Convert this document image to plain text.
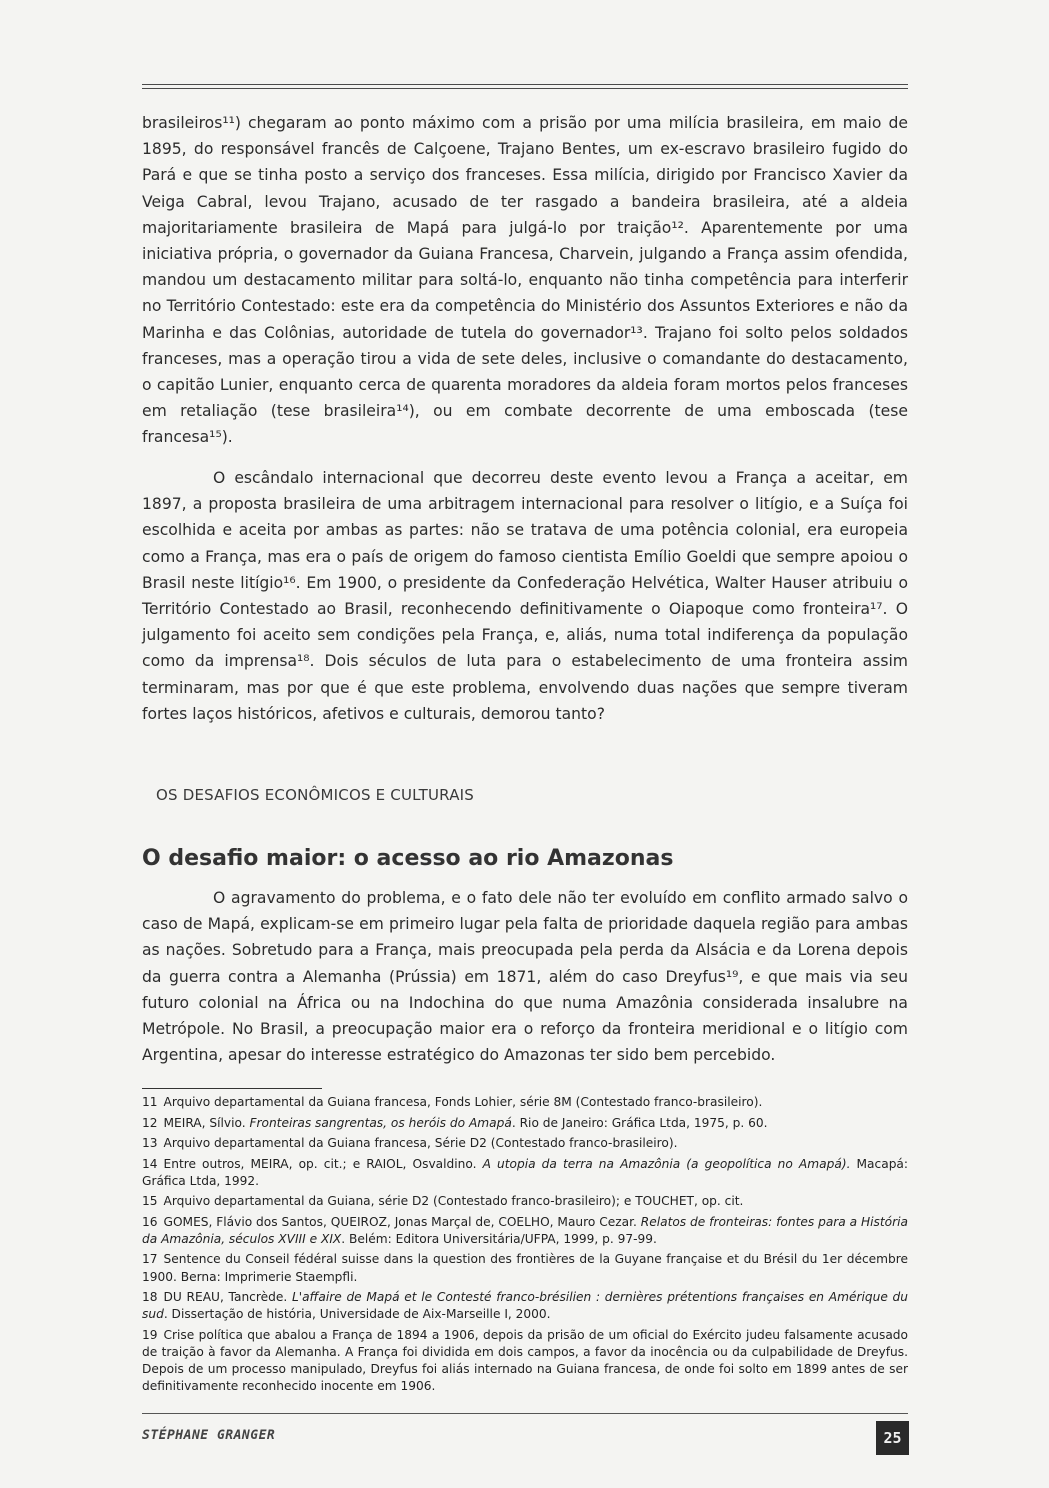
brasileiros¹¹) chegaram ao ponto máximo com a prisão por uma milícia brasileira, em maio de 1895, do responsável francês de Calçoene, Trajano Bentes, um ex-escravo brasileiro fugido do Pará e que se tinha posto a serviço dos franceses. Essa milícia, dirigido por Francisco Xavier da Veiga Cabral, levou Trajano, acusado de ter rasgado a bandeira brasileira, até a aldeia majoritariamente brasileira de Mapá para julgá-lo por traição¹². Aparentemente por uma iniciativa própria, o governador da Guiana Francesa, Charvein, julgando a França assim ofendida, mandou um destacamento militar para soltá-lo, enquanto não tinha competência para interferir no Território Contestado: este era da competência do Ministério dos Assuntos Exteriores e não da Marinha e das Colônias, autoridade de tutela do governador¹³. Trajano foi solto pelos soldados franceses, mas a operação tirou a vida de sete deles, inclusive o comandante do destacamento, o capitão Lunier, enquanto cerca de quarenta moradores da aldeia foram mortos pelos franceses em retaliação (tese brasileira¹⁴), ou em combate decorrente de uma emboscada (tese francesa¹⁵).

O escândalo internacional que decorreu deste evento levou a França a aceitar, em 1897, a proposta brasileira de uma arbitragem internacional para resolver o litígio, e a Suíça foi escolhida e aceita por ambas as partes: não se tratava de uma potência colonial, era europeia como a França, mas era o país de origem do famoso cientista Emílio Goeldi que sempre apoiou o Brasil neste litígio¹⁶. Em 1900, o presidente da Confederação Helvética, Walter Hauser atribuiu o Território Contestado ao Brasil, reconhecendo definitivamente o Oiapoque como fronteira¹⁷. O julgamento foi aceito sem condições pela França, e, aliás, numa total indiferença da população como da imprensa¹⁸. Dois séculos de luta para o estabelecimento de uma fronteira assim terminaram, mas por que é que este problema, envolvendo duas nações que sempre tiveram fortes laços históricos, afetivos e culturais, demorou tanto?

OS DESAFIOS ECONÔMICOS E CULTURAIS
O desafio maior: o acesso ao rio Amazonas

O agravamento do problema, e o fato dele não ter evoluído em conflito armado salvo o caso de Mapá, explicam-se em primeiro lugar pela falta de prioridade daquela região para ambas as nações. Sobretudo para a França, mais preocupada pela perda da Alsácia e da Lorena depois da guerra contra a Alemanha (Prússia) em 1871, além do caso Dreyfus¹⁹, e que mais via seu futuro colonial na África ou na Indochina do que numa Amazônia considerada insalubre na Metrópole. No Brasil, a preocupação maior era o reforço da fronteira meridional e o litígio com Argentina, apesar do interesse estratégico do Amazonas ter sido bem percebido.

11 Arquivo departamental da Guiana francesa, Fonds Lohier, série 8M (Contestado franco-brasileiro).

12 MEIRA, Sílvio. Fronteiras sangrentas, os heróis do Amapá. Rio de Janeiro: Gráfica Ltda, 1975, p. 60.

13 Arquivo departamental da Guiana francesa, Série D2 (Contestado franco-brasileiro).

14 Entre outros, MEIRA, op. cit.; e RAIOL, Osvaldino. A utopia da terra na Amazônia (a geopolítica no Amapá). Macapá: Gráfica Ltda, 1992.

15 Arquivo departamental da Guiana, série D2 (Contestado franco-brasileiro); e TOUCHET, op. cit.

16 GOMES, Flávio dos Santos, QUEIROZ, Jonas Marçal de, COELHO, Mauro Cezar. Relatos de fronteiras: fontes para a História da Amazônia, séculos XVIII e XIX. Belém: Editora Universitária/UFPA, 1999, p. 97-99.

17 Sentence du Conseil fédéral suisse dans la question des frontières de la Guyane française et du Brésil du 1er décembre 1900. Berna: Imprimerie Staempfli.

18 DU REAU, Tancrède. L'affaire de Mapá et le Contesté franco-brésilien : dernières prétentions françaises en Amérique du sud. Dissertação de história, Universidade de Aix-Marseille I, 2000.

19 Crise política que abalou a França de 1894 a 1906, depois da prisão de um oficial do Exército judeu falsamente acusado de traição à favor da Alemanha. A França foi dividida em dois campos, a favor da inocência ou da culpabilidade de Dreyfus. Depois de um processo manipulado, Dreyfus foi aliás internado na Guiana francesa, de onde foi solto em 1899 antes de ser definitivamente reconhecido inocente em 1906.

STÉPHANE GRANGER	25
